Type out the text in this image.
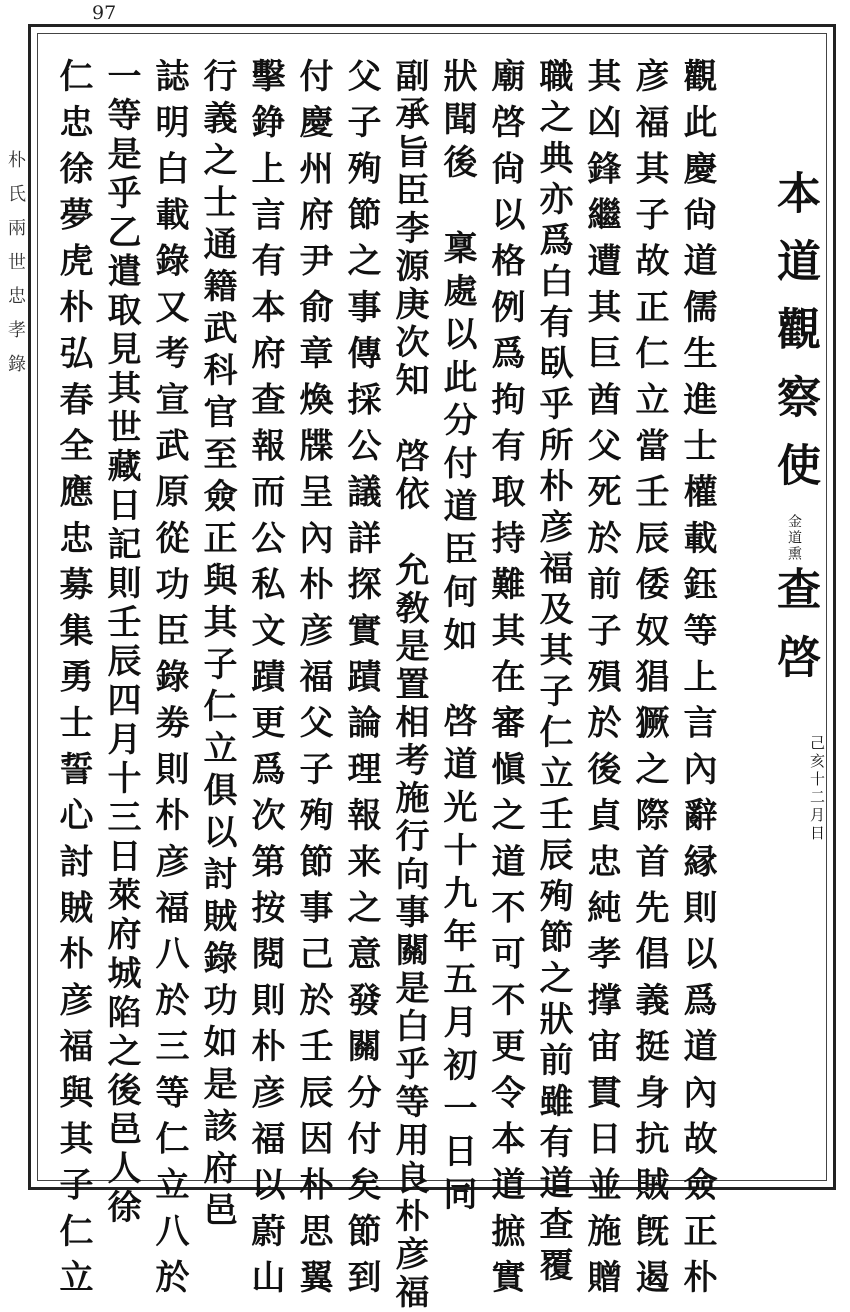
97
朴氏兩世忠孝錄	本道觀察使金道熏查啓
己亥十二月日
觀此慶尙道儒生進士權載鈺等上言內辭縁則以爲道內故僉正朴
彦福其子故正仁立當壬辰倭奴猖獗之際首先倡義挺身抗賊旣遏
其凶鋒繼遭其巨酋父死於前子殞於後貞忠純孝撑宙貫日並施贈
職之典亦爲白有臥乎所朴彦福及其子仁立壬辰殉節之狀前雖有道查覆
廟啓尙以格例爲拘有取持難其在審愼之道不可不更令本道摭實
狀聞後　稟處以此分付道臣何如　啓道光十九年五月初一日同
副承旨臣李源庚次知　啓依　允敎是置相考施行向事關是白乎等用良朴彦福
父子殉節之事傳採公議詳探實蹟論理報来之意發關分付矣節到
付慶州府尹俞章煥牒呈內朴彦福父子殉節事己於壬辰因朴思翼
擊錚上言有本府查報而公私文蹟更爲次第按閱則朴彦福以蔚山
行義之士通籍武科官至僉正與其子仁立俱以討賊錄功如是該府邑
誌明白載錄又考宣武原從功臣錄劵則朴彦福八於三等仁立八於
一等是乎乙遣取見其世藏日記則壬辰四月十三日萊府城陷之後邑人徐
仁忠徐夢虎朴弘春全應忠募集勇士誓心討賊朴彦福與其子仁立
